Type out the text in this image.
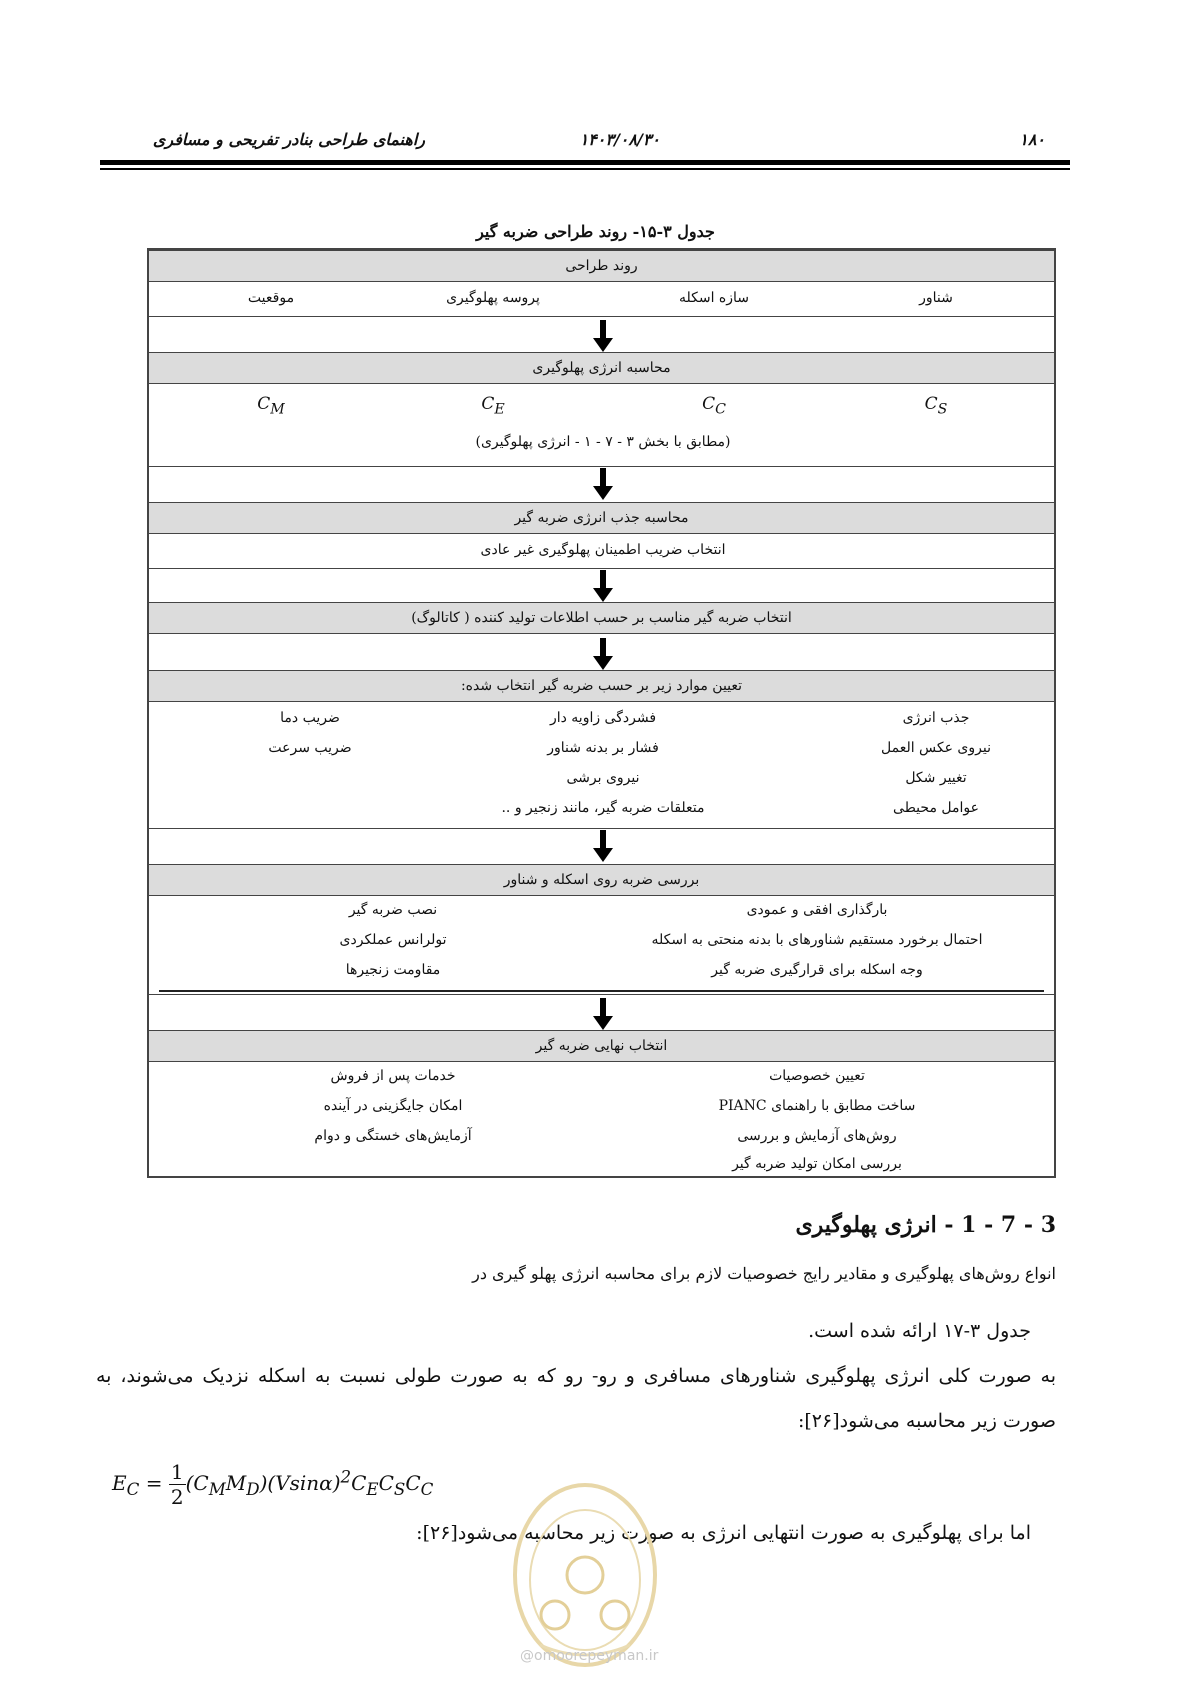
۱۸۰
۱۴۰۳/۰۸/۳۰
راهنمای طراحی بنادر تفریحی و مسافری
جدول ۳-۱۵- روند طراحی ضربه گیر
روند طراحی
شناور
سازه اسکله
پروسه پهلوگیری
موقعیت
محاسبه انرژی پهلوگیری
$C_S$
$C_C$
$C_E$
$C_M$
(مطابق با بخش ۳ - ۷ - ۱ - انرژی پهلوگیری)
محاسبه جذب انرژی ضربه گیر
انتخاب ضریب اطمینان پهلوگیری غیر عادی
انتخاب ضربه گیر مناسب بر حسب اطلاعات تولید کننده ( کاتالوگ)
تعیین موارد زیر بر حسب ضربه گیر انتخاب شده:
جذب انرژی
نیروی عکس العمل
تغییر شکل
عوامل محیطی
فشردگی زاویه دار
فشار بر بدنه شناور
نیروی برشی
متعلقات ضربه گیر، مانند زنجیر و ..
ضریب دما
ضریب سرعت
بررسی ضربه روی اسکله و شناور
بارگذاری افقی و عمودی
احتمال برخورد مستقیم شناورهای با بدنه منحتی به اسکله
وجه اسکله برای قرارگیری ضربه گیر
نصب ضربه گیر
تولرانس عملکردی
مقاومت زنجیرها
انتخاب نهایی ضربه گیر
تعیین خصوصیات
ساخت مطابق با راهنمای PIANC
روش‌های آزمایش و بررسی
بررسی امکان تولید ضربه گیر
خدمات پس از فروش
امکان جایگزینی در آینده
آزمایش‌های خستگی و دوام
3 - 7 - 1 - انرژی پهلوگیری
انواع روش‌های پهلوگیری و مقادیر رایج خصوصیات لازم برای محاسبه انرژی پهلو گیری در
جدول ۳-۱۷ ارائه شده است.
به صورت کلی انرژی پهلوگیری شناورهای مسافری و رو- رو که به صورت طولی نسبت به اسکله نزدیک می‌شوند، به
صورت زیر محاسبه می‌شود[۲۶]:
$E_C = \frac{1}{2} (C_MM_D)(Vsin\alpha)^2C_EC_SC_C$
اما برای پهلوگیری به صورت انتهایی انرژی به صورت زیر محاسبه می‌شود[۲۶]:
@omoorepeyman.ir
